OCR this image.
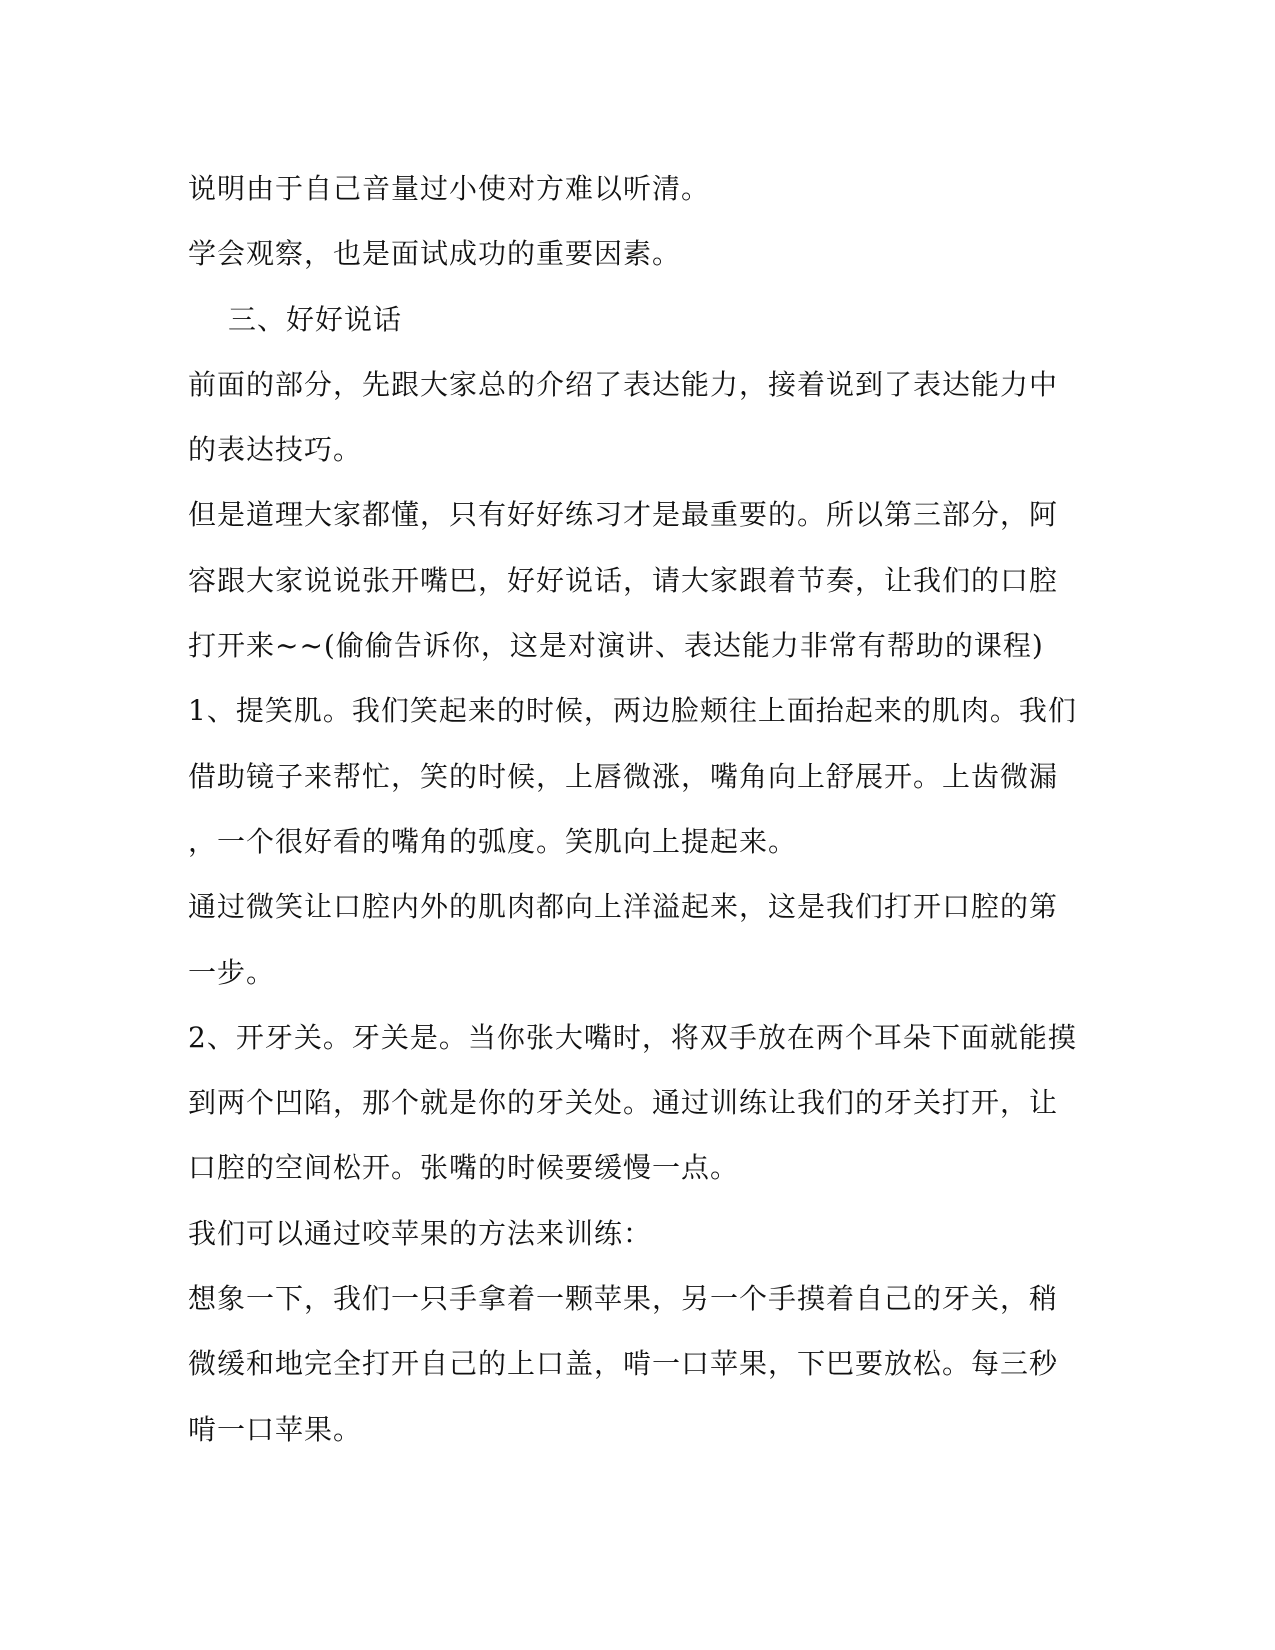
说明由于自己音量过小使对方难以听清。

学会观察，也是面试成功的重要因素。

三、好好说话

前面的部分，先跟大家总的介绍了表达能力，接着说到了表达能力中

的表达技巧。

但是道理大家都懂，只有好好练习才是最重要的。所以第三部分，阿

容跟大家说说张开嘴巴，好好说话，请大家跟着节奏，让我们的口腔

打开来~~(偷偷告诉你，这是对演讲、表达能力非常有帮助的课程)

1、提笑肌。我们笑起来的时候，两边脸颊往上面抬起来的肌肉。我们

借助镜子来帮忙，笑的时候，上唇微涨，嘴角向上舒展开。上齿微漏

，一个很好看的嘴角的弧度。笑肌向上提起来。

通过微笑让口腔内外的肌肉都向上洋溢起来，这是我们打开口腔的第

一步。

2、开牙关。牙关是。当你张大嘴时，将双手放在两个耳朵下面就能摸

到两个凹陷，那个就是你的牙关处。通过训练让我们的牙关打开，让

口腔的空间松开。张嘴的时候要缓慢一点。

我们可以通过咬苹果的方法来训练：

想象一下，我们一只手拿着一颗苹果，另一个手摸着自己的牙关，稍

微缓和地完全打开自己的上口盖，啃一口苹果，下巴要放松。每三秒

啃一口苹果。
